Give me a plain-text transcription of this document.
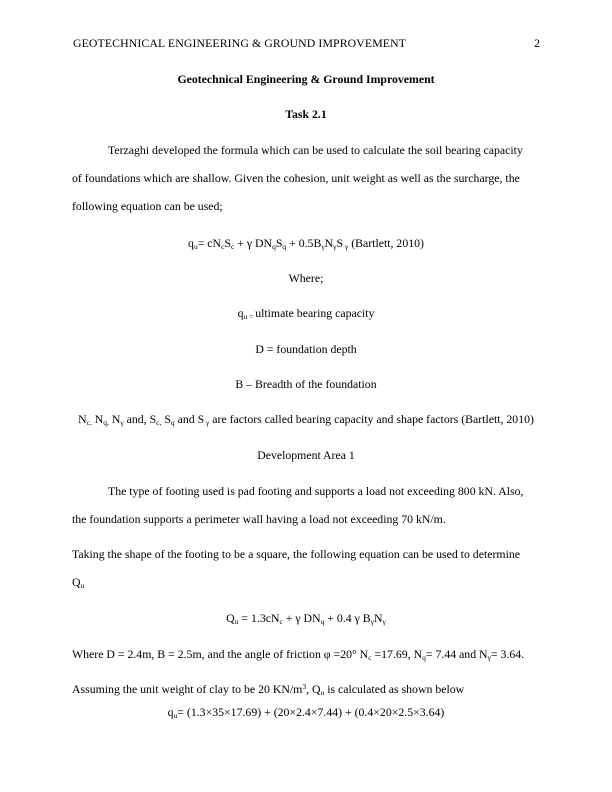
GEOTECHNICAL ENGINEERING & GROUND IMPROVEMENT	2
Geotechnical Engineering & Ground Improvement
Task 2.1
Terzaghi developed the formula which can be used to calculate the soil bearing capacity
of foundations which are shallow. Given the cohesion, unit weight as well as the surcharge, the
following equation can be used;
$q_u= cN_cS_c + \gamma$ $DN_qS_q + 0.5B_\gamma N_\gamma S$ $_\gamma$ (Bartlett, 2010)
Where;
$q_{u =}$ ultimate bearing capacity
D = foundation depth
B – Breadth of the foundation
$N_{c,}$ $N_{q,}$ $N_\gamma$ and, $S_{c,}$ $S_q$ and S $_\gamma$ are factors called bearing capacity and shape factors (Bartlett, 2010)
Development Area 1
The type of footing used is pad footing and supports a load not exceeding 800 kN. Also,
the foundation supports a perimeter wall having a load not exceeding 70 kN/m.
Taking the shape of the footing to be a square, the following equation can be used to determine
$Q_u$
$Q_u = 1.3cN_c + \gamma$ $DN_q + 0.4$ γ $B_\gamma N_\gamma$
Where D = 2.4m, B = 2.5m, and the angle of friction φ =20° $N_c =17.69$, $N_q= 7.44$ and $N_\gamma= 3.64$.
Assuming the unit weight of clay to be 20 $KN/m^3$, $Q_u$ is calculated as shown below
$q_u= (1.3\times 35\times 17.69) + (20\times 2.4\times 7.44) + (0.4\times 20\times 2.5\times 3.64)$
